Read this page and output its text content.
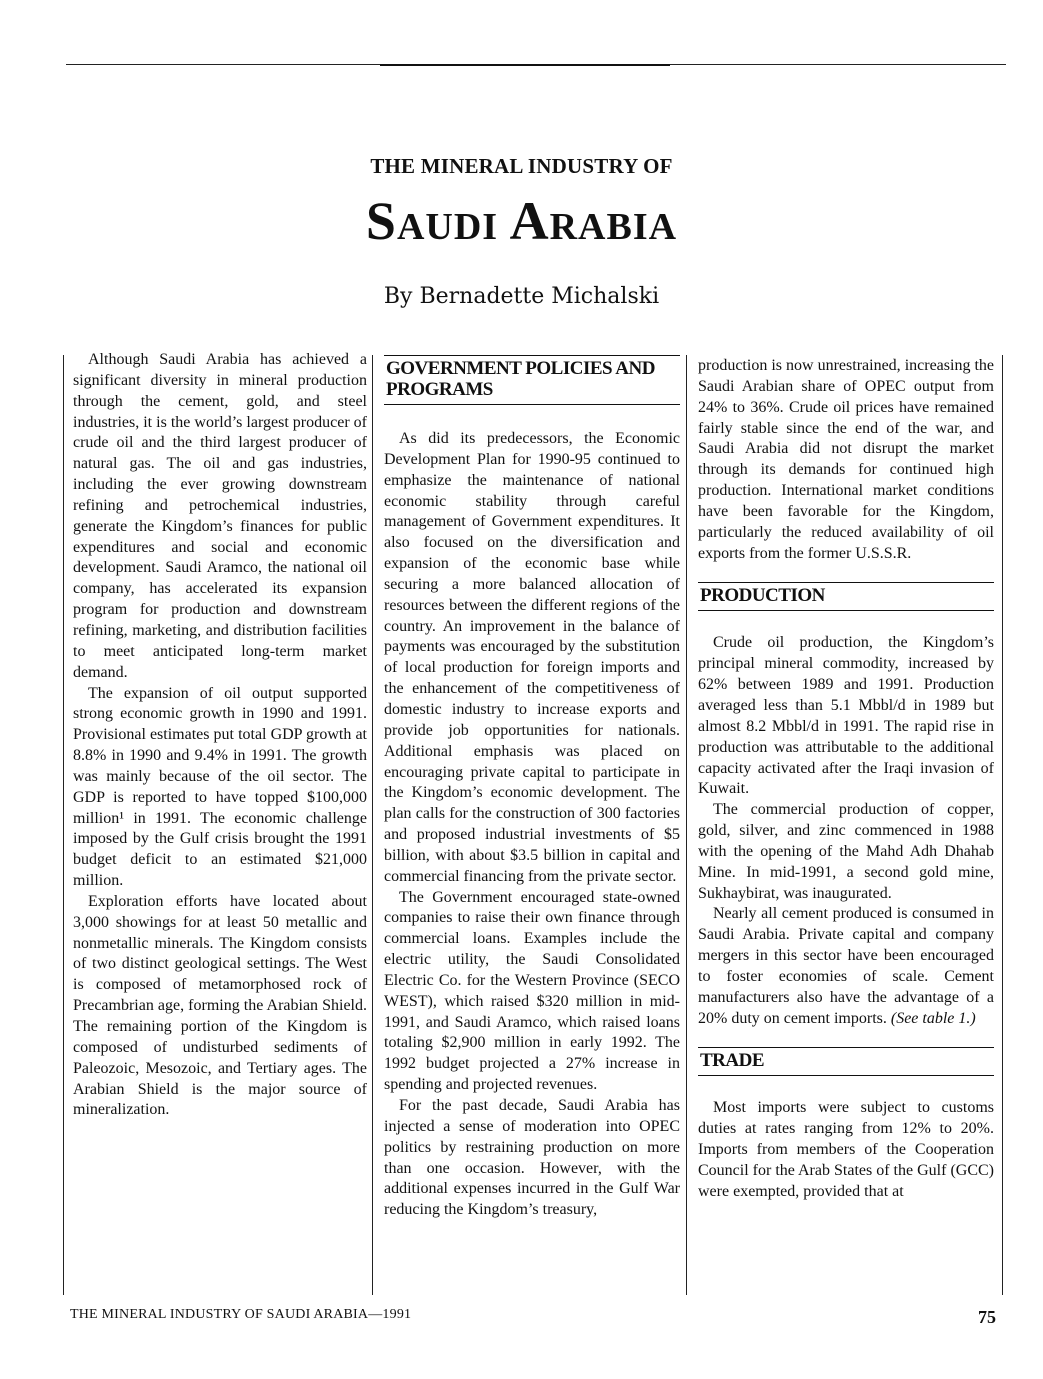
THE MINERAL INDUSTRY OF
Saudi Arabia
By Bernadette Michalski

Although Saudi Arabia has achieved a significant diversity in mineral production through the cement, gold, and steel industries, it is the world’s largest producer of crude oil and the third largest producer of natural gas. The oil and gas industries, including the ever growing downstream refining and petrochemical industries, generate the Kingdom’s finances for public expenditures and social and economic development. Saudi Aramco, the national oil company, has accelerated its expansion program for production and downstream refining, marketing, and distribution facilities to meet anticipated long-term market demand.

The expansion of oil output supported strong economic growth in 1990 and 1991. Provisional estimates put total GDP growth at 8.8% in 1990 and 9.4% in 1991. The growth was mainly because of the oil sector. The GDP is reported to have topped $100,000 million¹ in 1991. The economic challenge imposed by the Gulf crisis brought the 1991 budget deficit to an estimated $21,000 million.

Exploration efforts have located about 3,000 showings for at least 50 metallic and nonmetallic minerals. The Kingdom consists of two distinct geological settings. The West is composed of metamorphosed rock of Precambrian age, forming the Arabian Shield. The remaining portion of the Kingdom is composed of undisturbed sediments of Paleozoic, Mesozoic, and Tertiary ages. The Arabian Shield is the major source of mineralization.

GOVERNMENT POLICIES AND PROGRAMS

As did its predecessors, the Economic Development Plan for 1990-95 continued to emphasize the maintenance of national economic stability through careful management of Government expenditures. It also focused on the diversification and expansion of the economic base while securing a more balanced allocation of resources between the different regions of the country. An improvement in the balance of payments was encouraged by the substitution of local production for foreign imports and the enhancement of the competitiveness of domestic industry to increase exports and provide job opportunities for nationals. Additional emphasis was placed on encouraging private capital to participate in the Kingdom’s economic development. The plan calls for the construction of 300 factories and proposed industrial investments of $5 billion, with about $3.5 billion in capital and commercial financing from the private sector.

The Government encouraged state-owned companies to raise their own finance through commercial loans. Examples include the electric utility, the Saudi Consolidated Electric Co. for the Western Province (SECO WEST), which raised $320 million in mid-1991, and Saudi Aramco, which raised loans totaling $2,900 million in early 1992. The 1992 budget projected a 27% increase in spending and projected revenues.

For the past decade, Saudi Arabia has injected a sense of moderation into OPEC politics by restraining production on more than one occasion. However, with the additional expenses incurred in the Gulf War reducing the Kingdom’s treasury,

production is now unrestrained, increasing the Saudi Arabian share of OPEC output from 24% to 36%. Crude oil prices have remained fairly stable since the end of the war, and Saudi Arabia did not disrupt the market through its demands for continued high production. International market conditions have been favorable for the Kingdom, particularly the reduced availability of oil exports from the former U.S.S.R.

PRODUCTION

Crude oil production, the Kingdom’s principal mineral commodity, increased by 62% between 1989 and 1991. Production averaged less than 5.1 Mbbl/d in 1989 but almost 8.2 Mbbl/d in 1991. The rapid rise in production was attributable to the additional capacity activated after the Iraqi invasion of Kuwait.

The commercial production of copper, gold, silver, and zinc commenced in 1988 with the opening of the Mahd Adh Dhahab Mine. In mid-1991, a second gold mine, Sukhaybirat, was inaugurated.

Nearly all cement produced is consumed in Saudi Arabia. Private capital and company mergers in this sector have been encouraged to foster economies of scale. Cement manufacturers also have the advantage of a 20% duty on cement imports. (See table 1.)

TRADE

Most imports were subject to customs duties at rates ranging from 12% to 20%. Imports from members of the Cooperation Council for the Arab States of the Gulf (GCC) were exempted, provided that at

THE MINERAL INDUSTRY OF SAUDI ARABIA—1991	75
